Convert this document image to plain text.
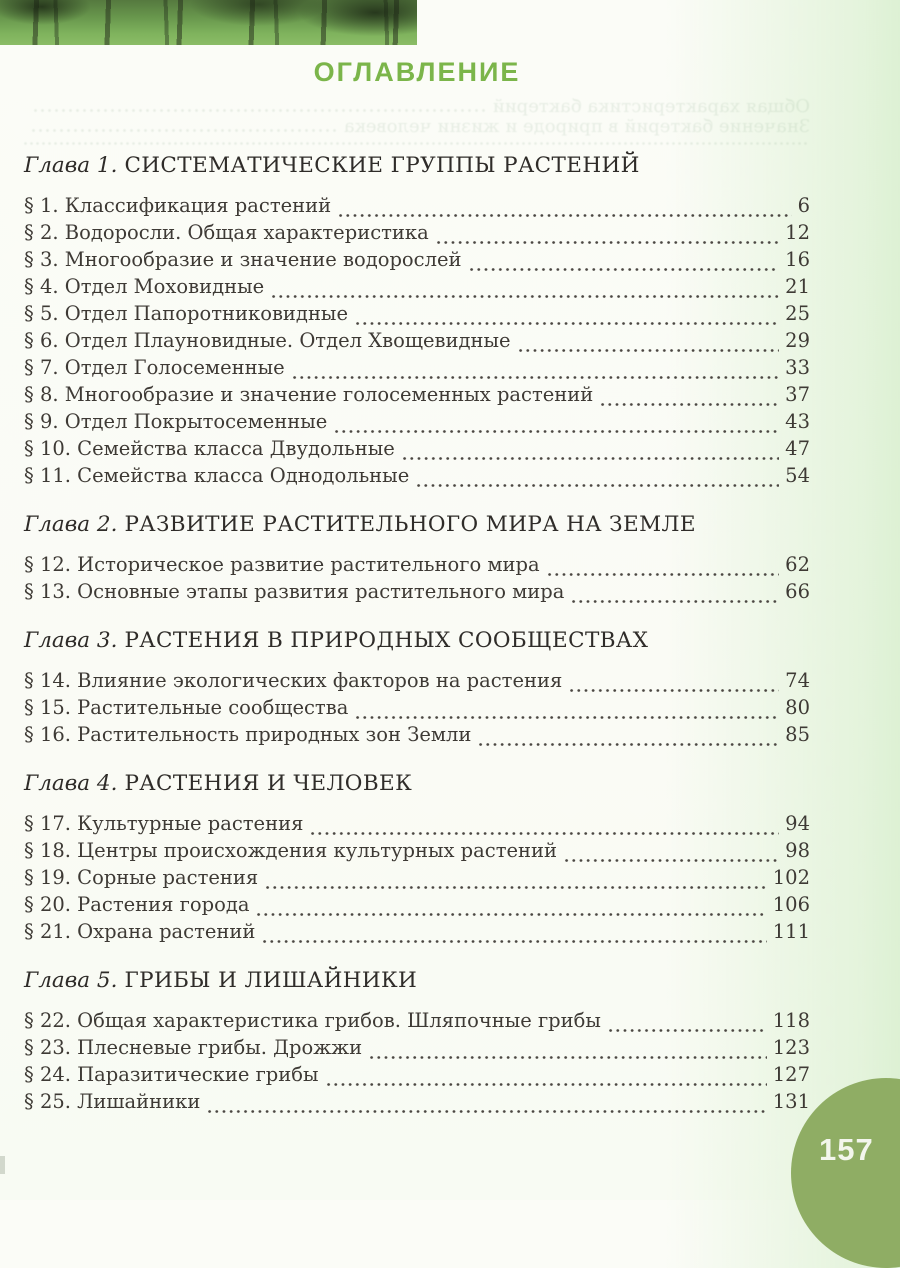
ОГЛАВЛЕНИЕ
Общая характеристика бактерий
Значение бактерий в природе и жизни человека
Глава 1. СИСТЕМАТИЧЕСКИЕ ГРУППЫ РАСТЕНИЙ
§ 1. Классификация растений	6
§ 2. Водоросли. Общая характеристика	12
§ 3. Многообразие и значение водорослей	16
§ 4. Отдел Моховидные	21
§ 5. Отдел Папоротниковидные	25
§ 6. Отдел Плауновидные. Отдел Хвощевидные	29
§ 7. Отдел Голосеменные	33
§ 8. Многообразие и значение голосеменных растений	37
§ 9. Отдел Покрытосеменные	43
§ 10. Семейства класса Двудольные	47
§ 11. Семейства класса Однодольные	54
Глава 2. РАЗВИТИЕ РАСТИТЕЛЬНОГО МИРА НА ЗЕМЛЕ
§ 12. Историческое развитие растительного мира	62
§ 13. Основные этапы развития растительного мира	66
Глава 3. РАСТЕНИЯ В ПРИРОДНЫХ СООБЩЕСТВАХ
§ 14. Влияние экологических факторов на растения	74
§ 15. Растительные сообщества	80
§ 16. Растительность природных зон Земли	85
Глава 4. РАСТЕНИЯ И ЧЕЛОВЕК
§ 17. Культурные растения	94
§ 18. Центры происхождения культурных растений	98
§ 19. Сорные растения	102
§ 20. Растения города	106
§ 21. Охрана растений	111
Глава 5. ГРИБЫ И ЛИШАЙНИКИ
§ 22. Общая характеристика грибов. Шляпочные грибы	118
§ 23. Плесневые грибы. Дрожжи	123
§ 24. Паразитические грибы	127
§ 25. Лишайники	131
157
